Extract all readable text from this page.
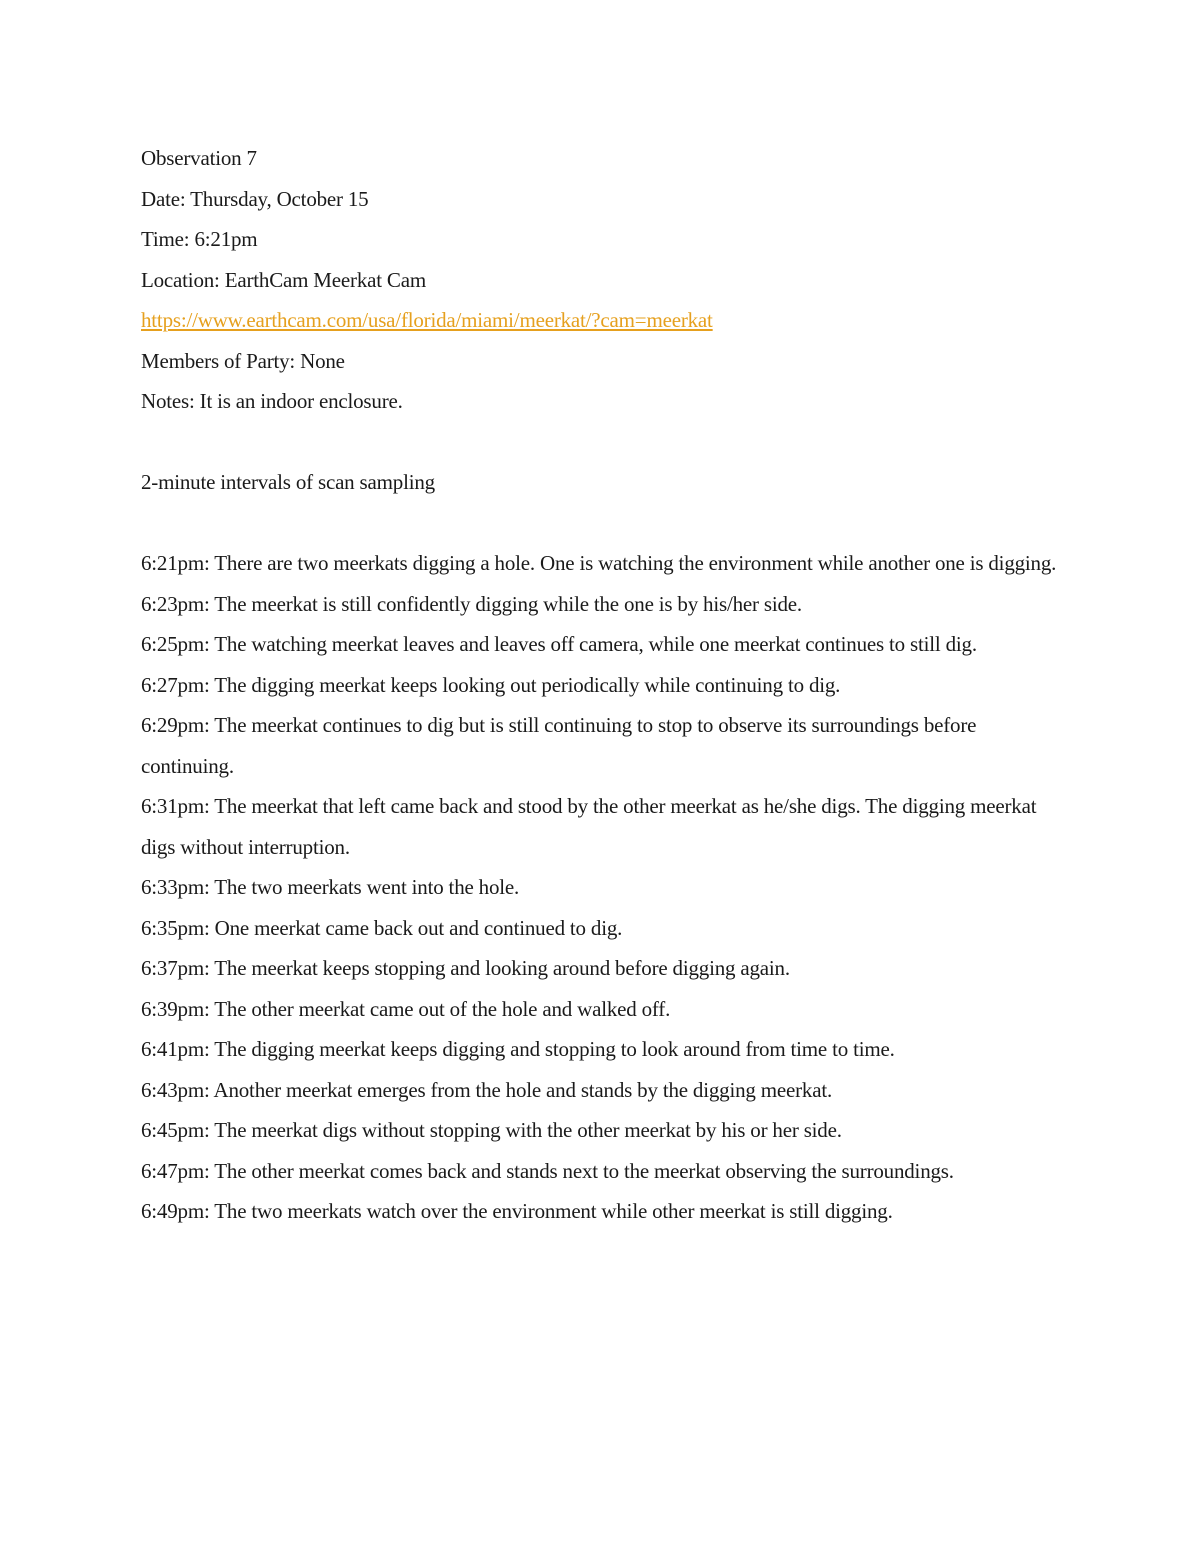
Observation 7

Date: Thursday, October 15

Time: 6:21pm

Location: EarthCam Meerkat Cam

https://www.earthcam.com/usa/florida/miami/meerkat/?cam=meerkat

Members of Party: None

Notes: It is an indoor enclosure.

2-minute intervals of scan sampling

6:21pm: There are two meerkats digging a hole. One is watching the environment while another one is digging.

6:23pm: The meerkat is still confidently digging while the one is by his/her side.

6:25pm: The watching meerkat leaves and leaves off camera, while one meerkat continues to still dig.

6:27pm: The digging meerkat keeps looking out periodically while continuing to dig.

6:29pm: The meerkat continues to dig but is still continuing to stop to observe its surroundings before continuing.

6:31pm: The meerkat that left came back and stood by the other meerkat as he/she digs. The digging meerkat digs without interruption.

6:33pm: The two meerkats went into the hole.

6:35pm: One meerkat came back out and continued to dig.

6:37pm: The meerkat keeps stopping and looking around before digging again.

6:39pm: The other meerkat came out of the hole and walked off.

6:41pm: The digging meerkat keeps digging and stopping to look around from time to time.

6:43pm: Another meerkat emerges from the hole and stands by the digging meerkat.

6:45pm: The meerkat digs without stopping with the other meerkat by his or her side.

6:47pm: The other meerkat comes back and stands next to the meerkat observing the surroundings.

6:49pm: The two meerkats watch over the environment while other meerkat is still digging.
